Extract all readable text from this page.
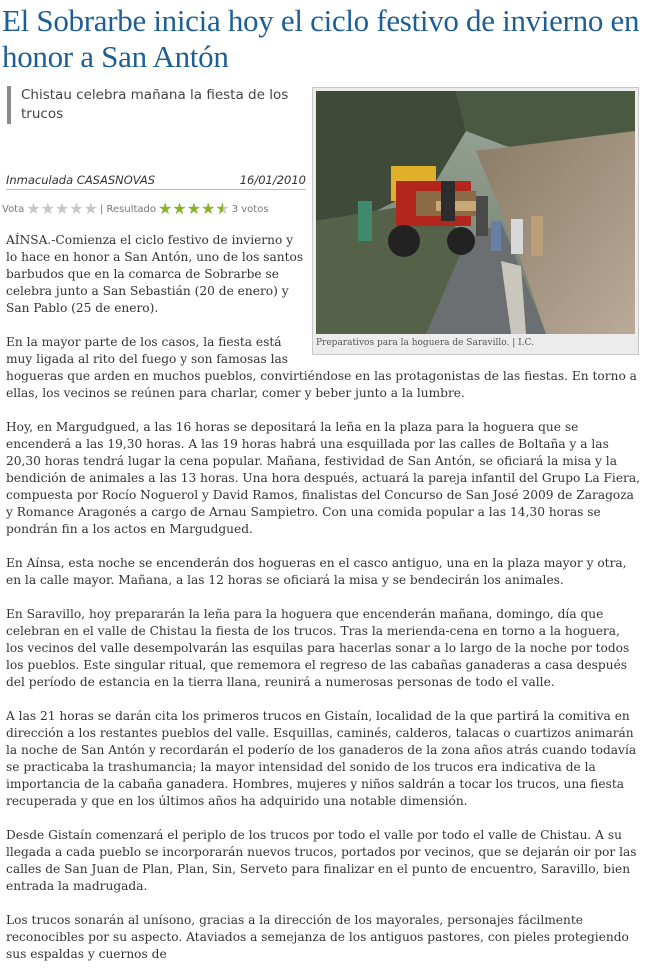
El Sobrarbe inicia hoy el ciclo festivo de invierno en honor a San Antón
Chistau celebra mañana la fiesta de los trucos
Inmaculada CASASNOVAS	16/01/2010
Vota ★ ★ ★ ★ ★ | Resultado ★ ★ ★ ★ ★ ★ 3 votos
Preparativos para la hoguera de Saravillo. | I.C.

AÍNSA.-Comienza el ciclo festivo de invierno y lo hace en honor a San Antón, uno de los santos barbudos que en la comarca de Sobrarbe se celebra junto a San Sebastián (20 de enero) y San Pablo (25 de enero).

En la mayor parte de los casos, la fiesta está muy ligada al rito del fuego y son famosas las hogueras que arden en muchos pueblos, convirtiéndose en las protagonistas de las fiestas. En torno a ellas, los vecinos se reúnen para charlar, comer y beber junto a la lumbre.

Hoy, en Margudgued, a las 16 horas se depositará la leña en la plaza para la hoguera que se encenderá a las 19,30 horas. A las 19 horas habrá una esquillada por las calles de Boltaña y a las 20,30 horas tendrá lugar la cena popular. Mañana, festividad de San Antón, se oficiará la misa y la bendición de animales a las 13 horas. Una hora después, actuará la pareja infantil del Grupo La Fiera, compuesta por Rocío Noguerol y David Ramos, finalistas del Concurso de San José 2009 de Zaragoza y Romance Aragonés a cargo de Arnau Sampietro. Con una comida popular a las 14,30 horas se pondrán fin a los actos en Margudgued.

En Aínsa, esta noche se encenderán dos hogueras en el casco antiguo, una en la plaza mayor y otra, en la calle mayor. Mañana, a las 12 horas se oficiará la misa y se bendecirán los animales.

En Saravillo, hoy prepararán la leña para la hoguera que encenderán mañana, domingo, día que celebran en el valle de Chistau la fiesta de los trucos. Tras la merienda-cena en torno a la hoguera, los vecinos del valle desempolvarán las esquilas para hacerlas sonar a lo largo de la noche por todos los pueblos. Este singular ritual, que rememora el regreso de las cabañas ganaderas a casa después del período de estancia en la tierra llana, reunirá a numerosas personas de todo el valle.

A las 21 horas se darán cita los primeros trucos en Gistaín, localidad de la que partirá la comitiva en dirección a los restantes pueblos del valle. Esquillas, caminés, calderos, talacas o cuartizos animarán la noche de San Antón y recordarán el poderío de los ganaderos de la zona años atrás cuando todavía se practicaba la trashumancia; la mayor intensidad del sonido de los trucos era indicativa de la importancia de la cabaña ganadera. Hombres, mujeres y niños saldrán a tocar los trucos, una fiesta recuperada y que en los últimos años ha adquirido una notable dimensión.

Desde Gistaín comenzará el periplo de los trucos por todo el valle por todo el valle de Chistau. A su llegada a cada pueblo se incorporarán nuevos trucos, portados por vecinos, que se dejarán oir por las calles de San Juan de Plan, Plan, Sin, Serveto para finalizar en el punto de encuentro, Saravillo, bien entrada la madrugada.

Los trucos sonarán al unísono, gracias a la dirección de los mayorales, personajes fácilmente reconocibles por su aspecto. Ataviados a semejanza de los antiguos pastores, con pieles protegiendo sus espaldas y cuernos de
